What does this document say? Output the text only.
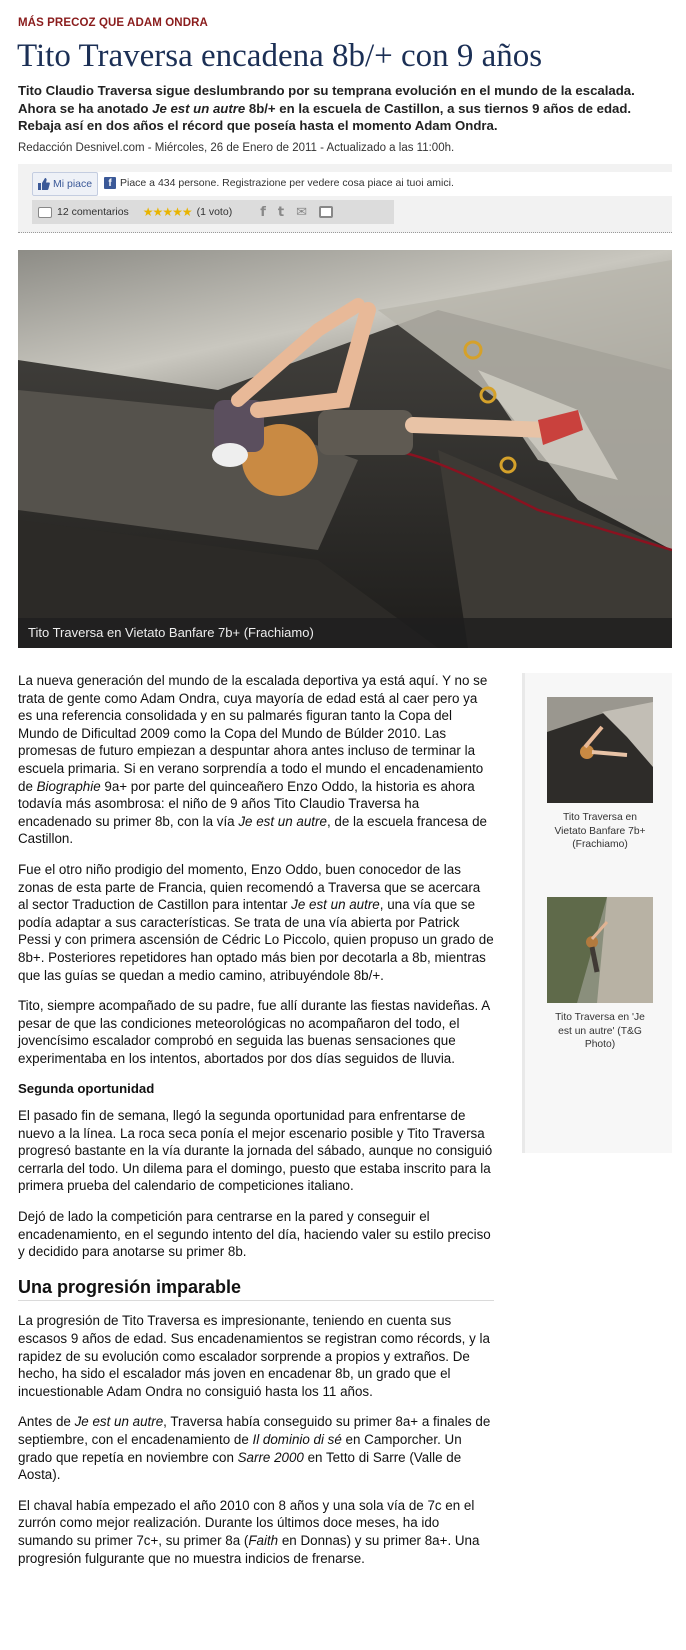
MÁS PRECOZ QUE ADAM ONDRA
Tito Traversa encadena 8b/+ con 9 años

Tito Claudio Traversa sigue deslumbrando por su temprana evolución en el mundo de la escalada. Ahora se ha anotado Je est un autre 8b/+ en la escuela de Castillon, a sus tiernos 9 años de edad. Rebaja así en dos años el récord que poseía hasta el momento Adam Ondra.

Redacción Desnivel.com - Miércoles, 26 de Enero de 2011 - Actualizado a las 11:00h.
Mi piace	f Piace a 434 persone. Registrazione per vedere cosa piace ai tuoi amici.
12 comentarios ★★★★★ (1 voto) f t ✉
Tito Traversa en Vietato Banfare 7b+ (Frachiamo)

La nueva generación del mundo de la escalada deportiva ya está aquí. Y no se trata de gente como Adam Ondra, cuya mayoría de edad está al caer pero ya es una referencia consolidada y en su palmarés figuran tanto la Copa del Mundo de Dificultad 2009 como la Copa del Mundo de Búlder 2010. Las promesas de futuro empiezan a despuntar ahora antes incluso de terminar la escuela primaria. Si en verano sorprendía a todo el mundo el encadenamiento de Biographie 9a+ por parte del quinceañero Enzo Oddo, la historia es ahora todavía más asombrosa: el niño de 9 años Tito Claudio Traversa ha encadenado su primer 8b, con la vía Je est un autre, de la escuela francesa de Castillon.

Fue el otro niño prodigio del momento, Enzo Oddo, buen conocedor de las zonas de esta parte de Francia, quien recomendó a Traversa que se acercara al sector Traduction de Castillon para intentar Je est un autre, una vía que se podía adaptar a sus características. Se trata de una vía abierta por Patrick Pessi y con primera ascensión de Cédric Lo Piccolo, quien propuso un grado de 8b+. Posteriores repetidores han optado más bien por decotarla a 8b, mientras que las guías se quedan a medio camino, atribuyéndole 8b/+.

Tito, siempre acompañado de su padre, fue allí durante las fiestas navideñas. A pesar de que las condiciones meteorológicas no acompañaron del todo, el jovencísimo escalador comprobó en seguida las buenas sensaciones que experimentaba en los intentos, abortados por dos días seguidos de lluvia.

Segunda oportunidad

El pasado fin de semana, llegó la segunda oportunidad para enfrentarse de nuevo a la línea. La roca seca ponía el mejor escenario posible y Tito Traversa progresó bastante en la vía durante la jornada del sábado, aunque no consiguió cerrarla del todo. Un dilema para el domingo, puesto que estaba inscrito para la primera prueba del calendario de competiciones italiano.

Dejó de lado la competición para centrarse en la pared y conseguir el encadenamiento, en el segundo intento del día, haciendo valer su estilo preciso y decidido para anotarse su primer 8b.

Una progresión imparable

La progresión de Tito Traversa es impresionante, teniendo en cuenta sus escasos 9 años de edad. Sus encadenamientos se registran como récords, y la rapidez de su evolución como escalador sorprende a propios y extraños. De hecho, ha sido el escalador más joven en encadenar 8b, un grado que el incuestionable Adam Ondra no consiguió hasta los 11 años.

Antes de Je est un autre, Traversa había conseguido su primer 8a+ a finales de septiembre, con el encadenamiento de Il dominio di sé en Camporcher. Un grado que repetía en noviembre con Sarre 2000 en Tetto di Sarre (Valle de Aosta).

El chaval había empezado el año 2010 con 8 años y una sola vía de 7c en el zurrón como mejor realización. Durante los últimos doce meses, ha ido sumando su primer 7c+, su primer 8a (Faith en Donnas) y su primer 8a+. Una progresión fulgurante que no muestra indicios de frenarse.

Tito Traversa en Vietato Banfare 7b+ (Frachiamo)
Tito Traversa en 'Je est un autre' (T&G Photo)
